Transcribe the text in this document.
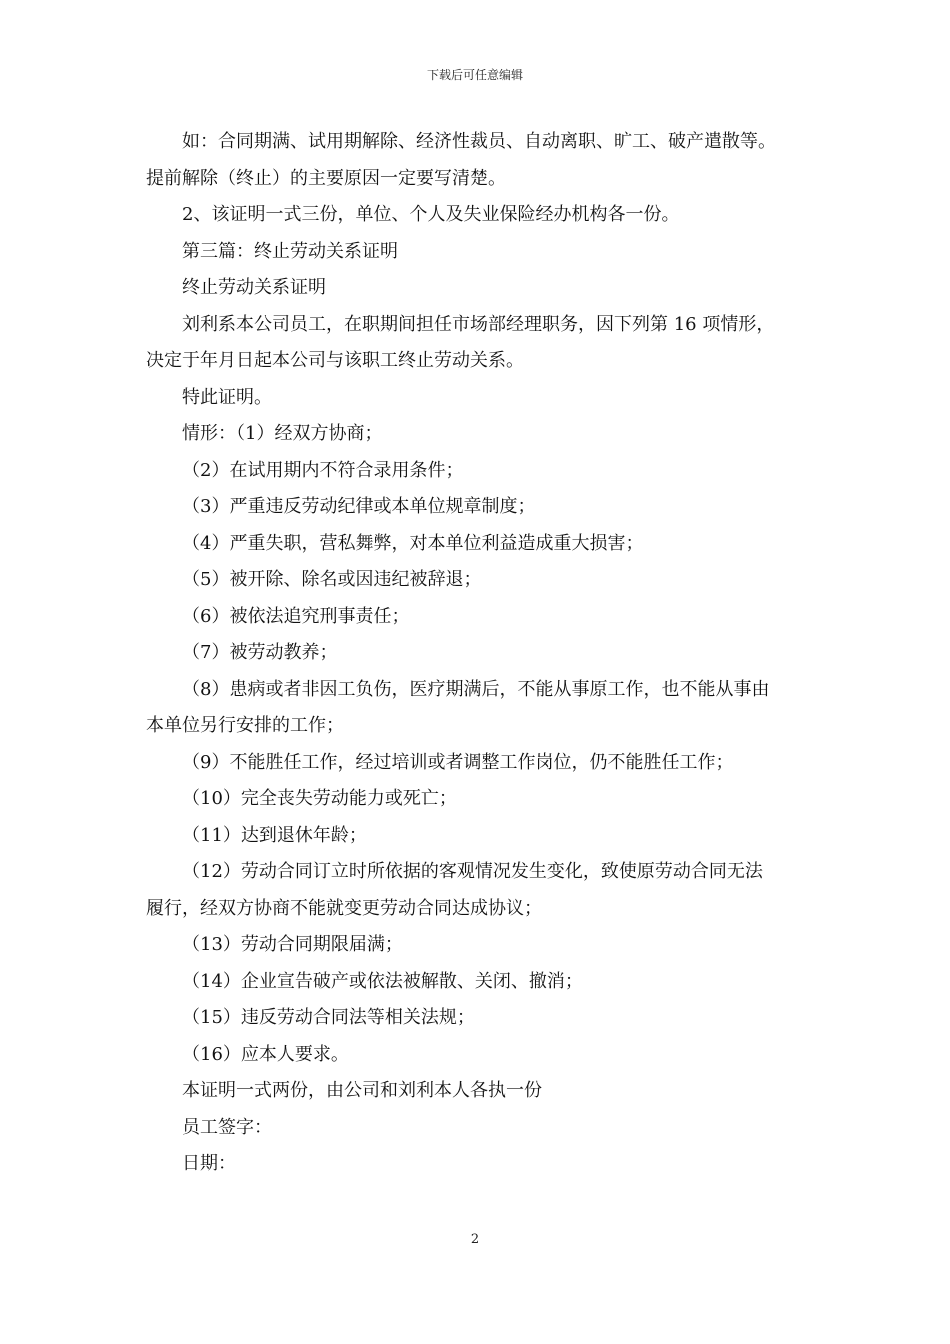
下载后可任意编辑
如：合同期满、试用期解除、经济性裁员、自动离职、旷工、破产遣散等。
提前解除（终止）的主要原因一定要写清楚。
2、该证明一式三份，单位、个人及失业保险经办机构各一份。
第三篇：终止劳动关系证明
终止劳动关系证明
刘利系本公司员工，在职期间担任市场部经理职务，因下列第 16 项情形，
决定于年月日起本公司与该职工终止劳动关系。
特此证明。
情形：（1）经双方协商；
（2）在试用期内不符合录用条件；
（3）严重违反劳动纪律或本单位规章制度；
（4）严重失职，营私舞弊，对本单位利益造成重大损害；
（5）被开除、除名或因违纪被辞退；
（6）被依法追究刑事责任；
（7）被劳动教养；
（8）患病或者非因工负伤，医疗期满后，不能从事原工作，也不能从事由
本单位另行安排的工作；
（9）不能胜任工作，经过培训或者调整工作岗位，仍不能胜任工作；
（10）完全丧失劳动能力或死亡；
（11）达到退休年龄；
（12）劳动合同订立时所依据的客观情况发生变化，致使原劳动合同无法
履行，经双方协商不能就变更劳动合同达成协议；
（13）劳动合同期限届满；
（14）企业宣告破产或依法被解散、关闭、撤消；
（15）违反劳动合同法等相关法规；
（16）应本人要求。
本证明一式两份，由公司和刘利本人各执一份
员工签字：
日期：
2
